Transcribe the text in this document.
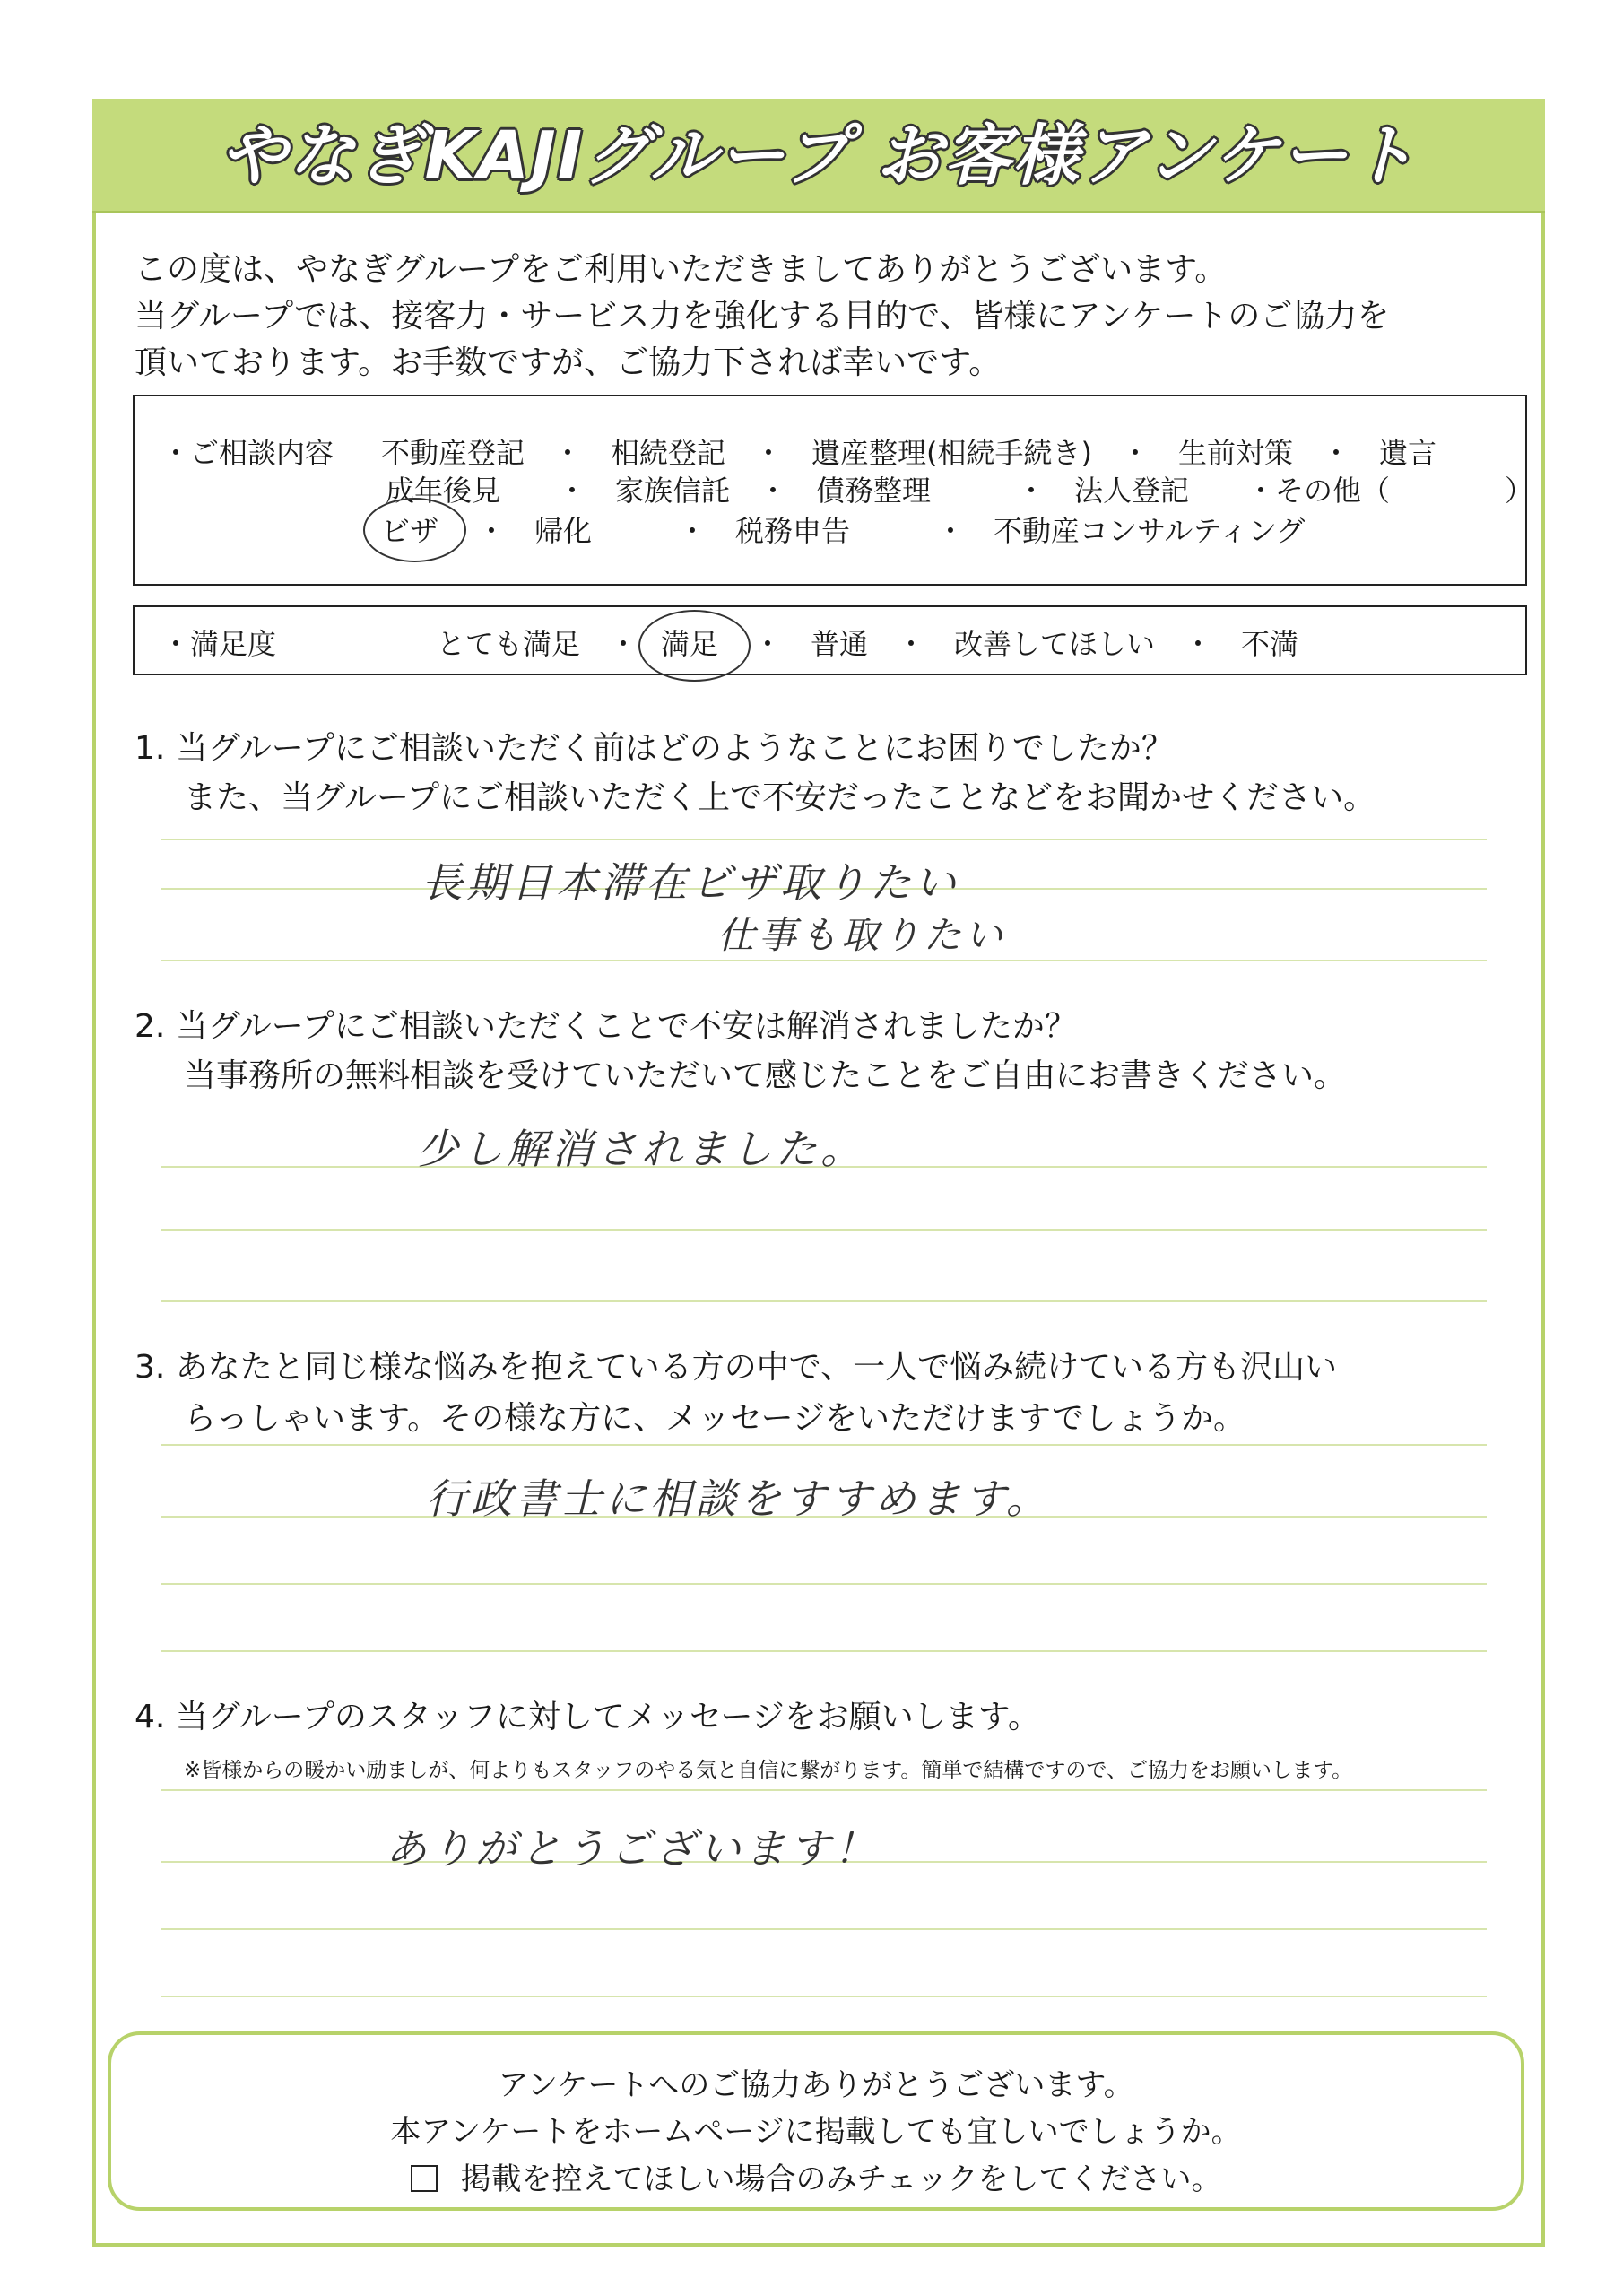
やなぎKAJIグループ お客様アンケート
この度は、やなぎグループをご利用いただきましてありがとうございます。
当グループでは、接客力・サービス力を強化する目的で、皆様にアンケートのご協力を
頂いております。お手数ですが、ご協力下されば幸いです。
・ご相談内容 不動産登記　・　相続登記　・　遺産整理(相続手続き)　・　生前対策　・　遺言
成年後見　　・　家族信託　・　債務整理　　　・　法人登記　　・その他（　　　　）
ビザ 　・　帰化　　　・　税務申告　　　・　不動産コンサルティング
・満足度	とても満足　・ 満足 ・　普通　・　改善してほしい　・　不満
1. 当グループにご相談いただく前はどのようなことにお困りでしたか？
また、当グループにご相談いただく上で不安だったことなどをお聞かせください。
長期日本滞在ビザ取りたい
仕事も取りたい
2. 当グループにご相談いただくことで不安は解消されましたか？
当事務所の無料相談を受けていただいて感じたことをご自由にお書きください。
少し解消されました。
3. あなたと同じ様な悩みを抱えている方の中で、一人で悩み続けている方も沢山い
らっしゃいます。その様な方に、メッセージをいただけますでしょうか。
行政書士に相談をすすめます。
4. 当グループのスタッフに対してメッセージをお願いします。
※皆様からの暖かい励ましが、何よりもスタッフのやる気と自信に繋がります。簡単で結構ですので、ご協力をお願いします。
ありがとうございます！
アンケートへのご協力ありがとうございます。
本アンケートをホームページに掲載しても宜しいでしょうか。
掲載を控えてほしい場合のみチェックをしてください。
